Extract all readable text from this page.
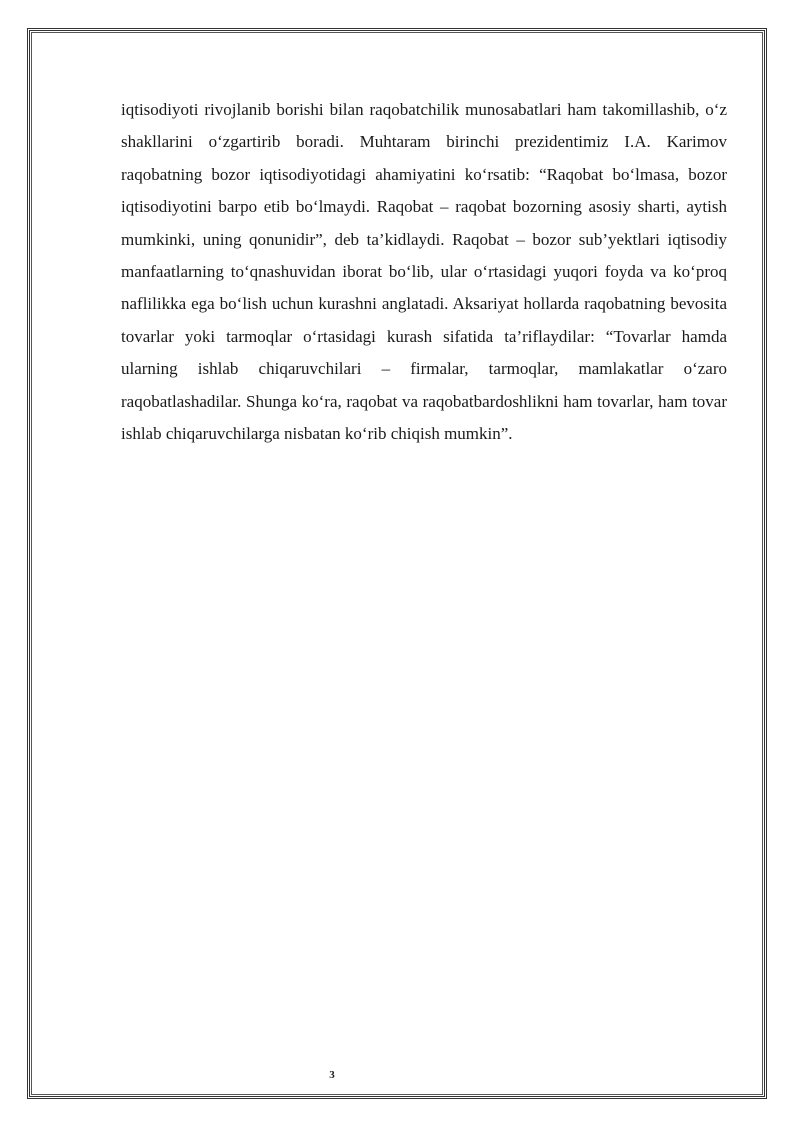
iqtisodiyoti rivojlanib borishi bilan raqobatchilik munosabatlari ham takomillashib, o‘z shakllarini o‘zgartirib boradi. Muhtaram birinchi prezidentimiz I.A. Karimov raqobatning bozor iqtisodiyotidagi ahamiyatini ko‘rsatib: “Raqobat bo‘lmasa, bozor iqtisodiyotini barpo etib bo‘lmaydi. Raqobat – raqobat bozorning asosiy sharti, aytish mumkinki, uning qonunidir”, deb ta’kidlaydi. Raqobat – bozor sub’yektlari iqtisodiy manfaatlarning to‘qnashuvidan iborat bo‘lib, ular o‘rtasidagi yuqori foyda va ko‘proq naflilikka ega bo‘lish uchun kurashni anglatadi. Aksariyat hollarda raqobatning bevosita tovarlar yoki tarmoqlar o‘rtasidagi kurash sifatida ta’riflaydilar: “Tovarlar hamda ularning ishlab chiqaruvchilari – firmalar, tarmoqlar, mamlakatlar o‘zaro raqobatlashadilar. Shunga ko‘ra, raqobat va raqobatbardoshlikni ham tovarlar, ham tovar ishlab chiqaruvchilarga nisbatan ko‘rib chiqish mumkin”.

3
